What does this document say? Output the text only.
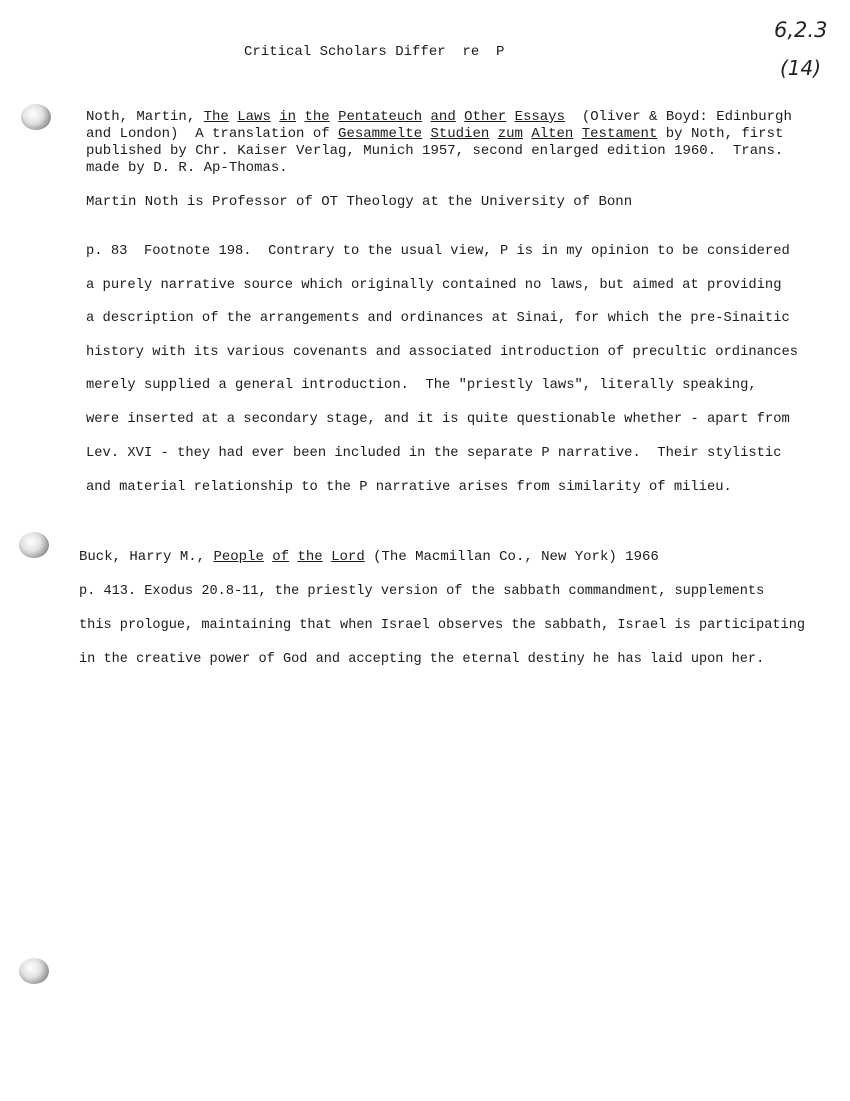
Critical Scholars Differ  re  P
6,2.3
(14)
Noth, Martin, The Laws in the Pentateuch and Other Essays (Oliver & Boyd: Edinburgh
and London)  A translation of Gesammelte Studien zum Alten Testament by Noth, first
published by Chr. Kaiser Verlag, Munich 1957, second enlarged edition 1960.  Trans.
made by D. R. Ap-Thomas.
Martin Noth is Professor of OT Theology at the University of Bonn
p. 83  Footnote 198.  Contrary to the usual view, P is in my opinion to be considered
a purely narrative source which originally contained no laws, but aimed at providing
a description of the arrangements and ordinances at Sinai, for which the pre-Sinaitic
history with its various covenants and associated introduction of precultic ordinances
merely supplied a general introduction.  The "priestly laws", literally speaking,
were inserted at a secondary stage, and it is quite questionable whether - apart from
Lev. XVI - they had ever been included in the separate P narrative.  Their stylistic
and material relationship to the P narrative arises from similarity of milieu.
Buck, Harry M., People of the Lord (The Macmillan Co., New York) 1966
p. 413. Exodus 20.8-11, the priestly version of the sabbath commandment, supplements
this prologue, maintaining that when Israel observes the sabbath, Israel is participating
in the creative power of God and accepting the eternal destiny he has laid upon her.
